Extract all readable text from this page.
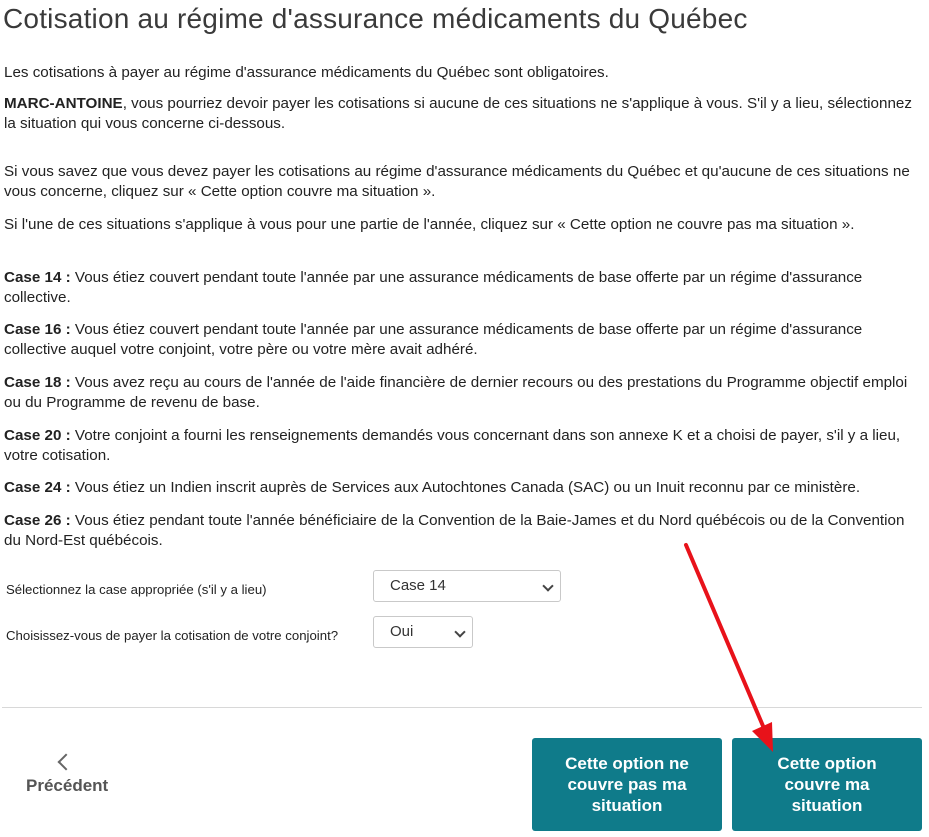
Cotisation au régime d'assurance médicaments du Québec

Les cotisations à payer au régime d'assurance médicaments du Québec sont obligatoires.

MARC-ANTOINE, vous pourriez devoir payer les cotisations si aucune de ces situations ne s'applique à vous. S'il y a lieu, sélectionnez la situation qui vous concerne ci-dessous.

Si vous savez que vous devez payer les cotisations au régime d'assurance médicaments du Québec et qu'aucune de ces situations ne vous concerne, cliquez sur « Cette option couvre ma situation ».

Si l'une de ces situations s'applique à vous pour une partie de l'année, cliquez sur « Cette option ne couvre pas ma situation ».

Case 14 : Vous étiez couvert pendant toute l'année par une assurance médicaments de base offerte par un régime d'assurance collective.

Case 16 : Vous étiez couvert pendant toute l'année par une assurance médicaments de base offerte par un régime d'assurance collective auquel votre conjoint, votre père ou votre mère avait adhéré.

Case 18 : Vous avez reçu au cours de l'année de l'aide financière de dernier recours ou des prestations du Programme objectif emploi ou du Programme de revenu de base.

Case 20 : Votre conjoint a fourni les renseignements demandés vous concernant dans son annexe K et a choisi de payer, s'il y a lieu, votre cotisation.

Case 24 : Vous étiez un Indien inscrit auprès de Services aux Autochtones Canada (SAC) ou un Inuit reconnu par ce ministère.

Case 26 : Vous étiez pendant toute l'année bénéficiaire de la Convention de la Baie-James et du Nord québécois ou de la Convention du Nord-Est québécois.

Sélectionnez la case appropriée (s'il y a lieu)	Case 14
Choisissez-vous de payer la cotisation de votre conjoint?	Oui
Précédent
Cette option ne couvre pas ma situation
Cette option couvre ma situation
